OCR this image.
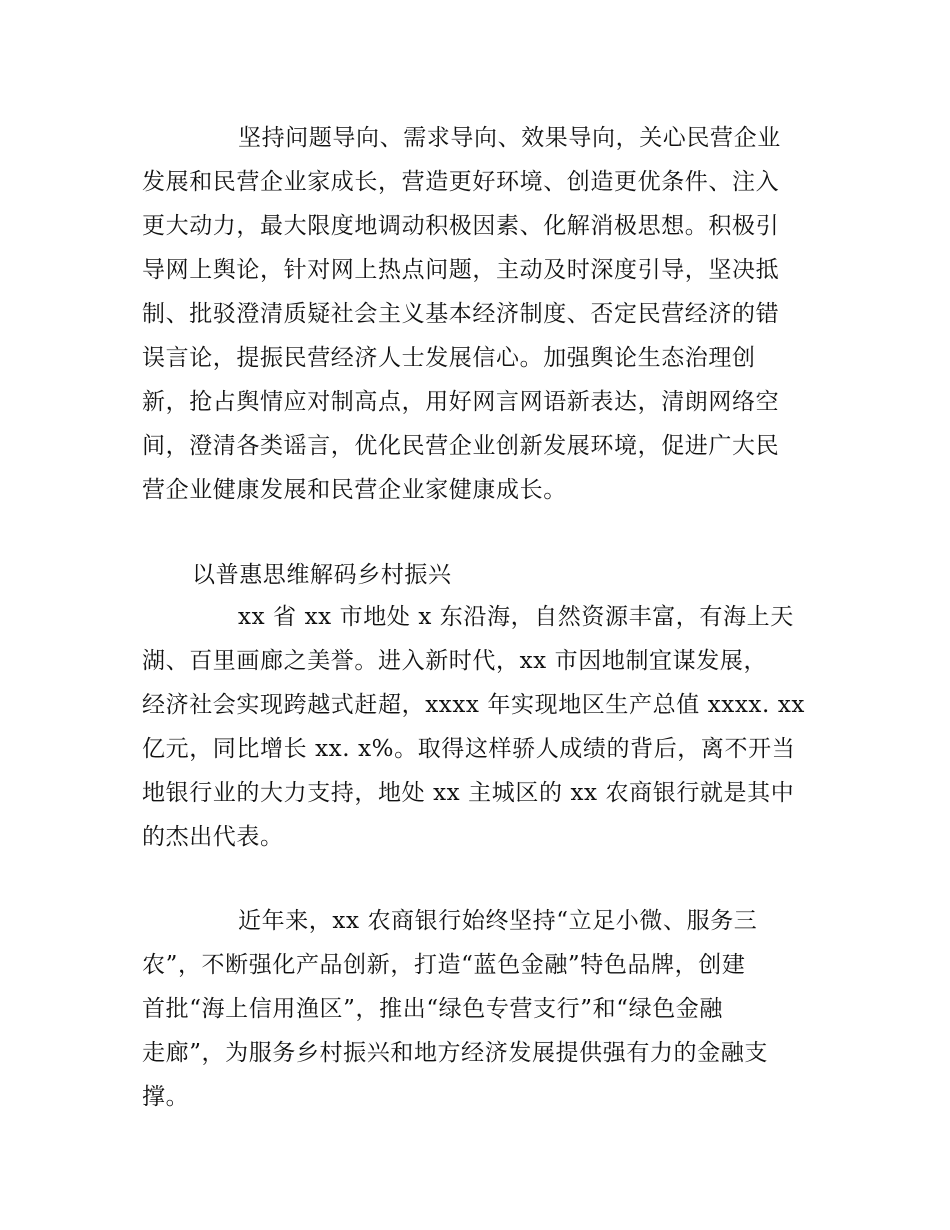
坚持问题导向、需求导向、效果导向，关心民营企业
发展和民营企业家成长，营造更好环境、创造更优条件、注入
更大动力，最大限度地调动积极因素、化解消极思想。积极引
导网上舆论，针对网上热点问题，主动及时深度引导，坚决抵
制、批驳澄清质疑社会主义基本经济制度、否定民营经济的错
误言论，提振民营经济人士发展信心。加强舆论生态治理创
新，抢占舆情应对制高点，用好网言网语新表达，清朗网络空
间，澄清各类谣言，优化民营企业创新发展环境，促进广大民
营企业健康发展和民营企业家健康成长。
以普惠思维解码乡村振兴
xx 省 xx 市地处 x 东沿海，自然资源丰富，有海上天
湖、百里画廊之美誉。进入新时代，xx 市因地制宜谋发展，
经济社会实现跨越式赶超，xxxx 年实现地区生产总值 xxxx. xx
亿元，同比增长 xx. x%。取得这样骄人成绩的背后，离不开当
地银行业的大力支持，地处 xx 主城区的 xx 农商银行就是其中
的杰出代表。
近年来，xx 农商银行始终坚持“立足小微、服务三
农”，不断强化产品创新，打造“蓝色金融”特色品牌，创建
首批“海上信用渔区”，推出“绿色专营支行”和“绿色金融
走廊”，为服务乡村振兴和地方经济发展提供强有力的金融支
撑。
